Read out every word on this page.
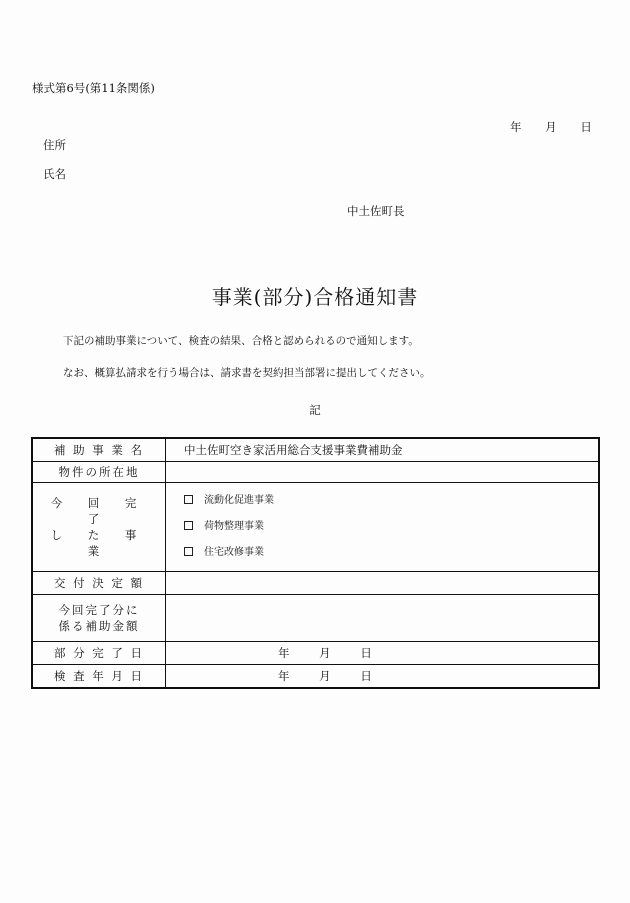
様式第6号(第11条関係)
年 月 日
住所
氏名
中土佐町長
事業(部分)合格通知書
下記の補助事業について、検査の結果、合格と認められるので通知します。
なお、概算払請求を行う場合は、請求書を契約担当部署に提出してください。
記
補 助 事 業 名	中土佐町空き家活用総合支援事業費補助金
物件の所在地	

今 回 完 了
し た 事 業	流動化促進事業
荷物整理事業
住宅改修事業

交 付 決 定 額	

今回完了分に
係る補助金額	

部 分 完 了 日	年 月 日
検 査 年 月 日	年 月 日
